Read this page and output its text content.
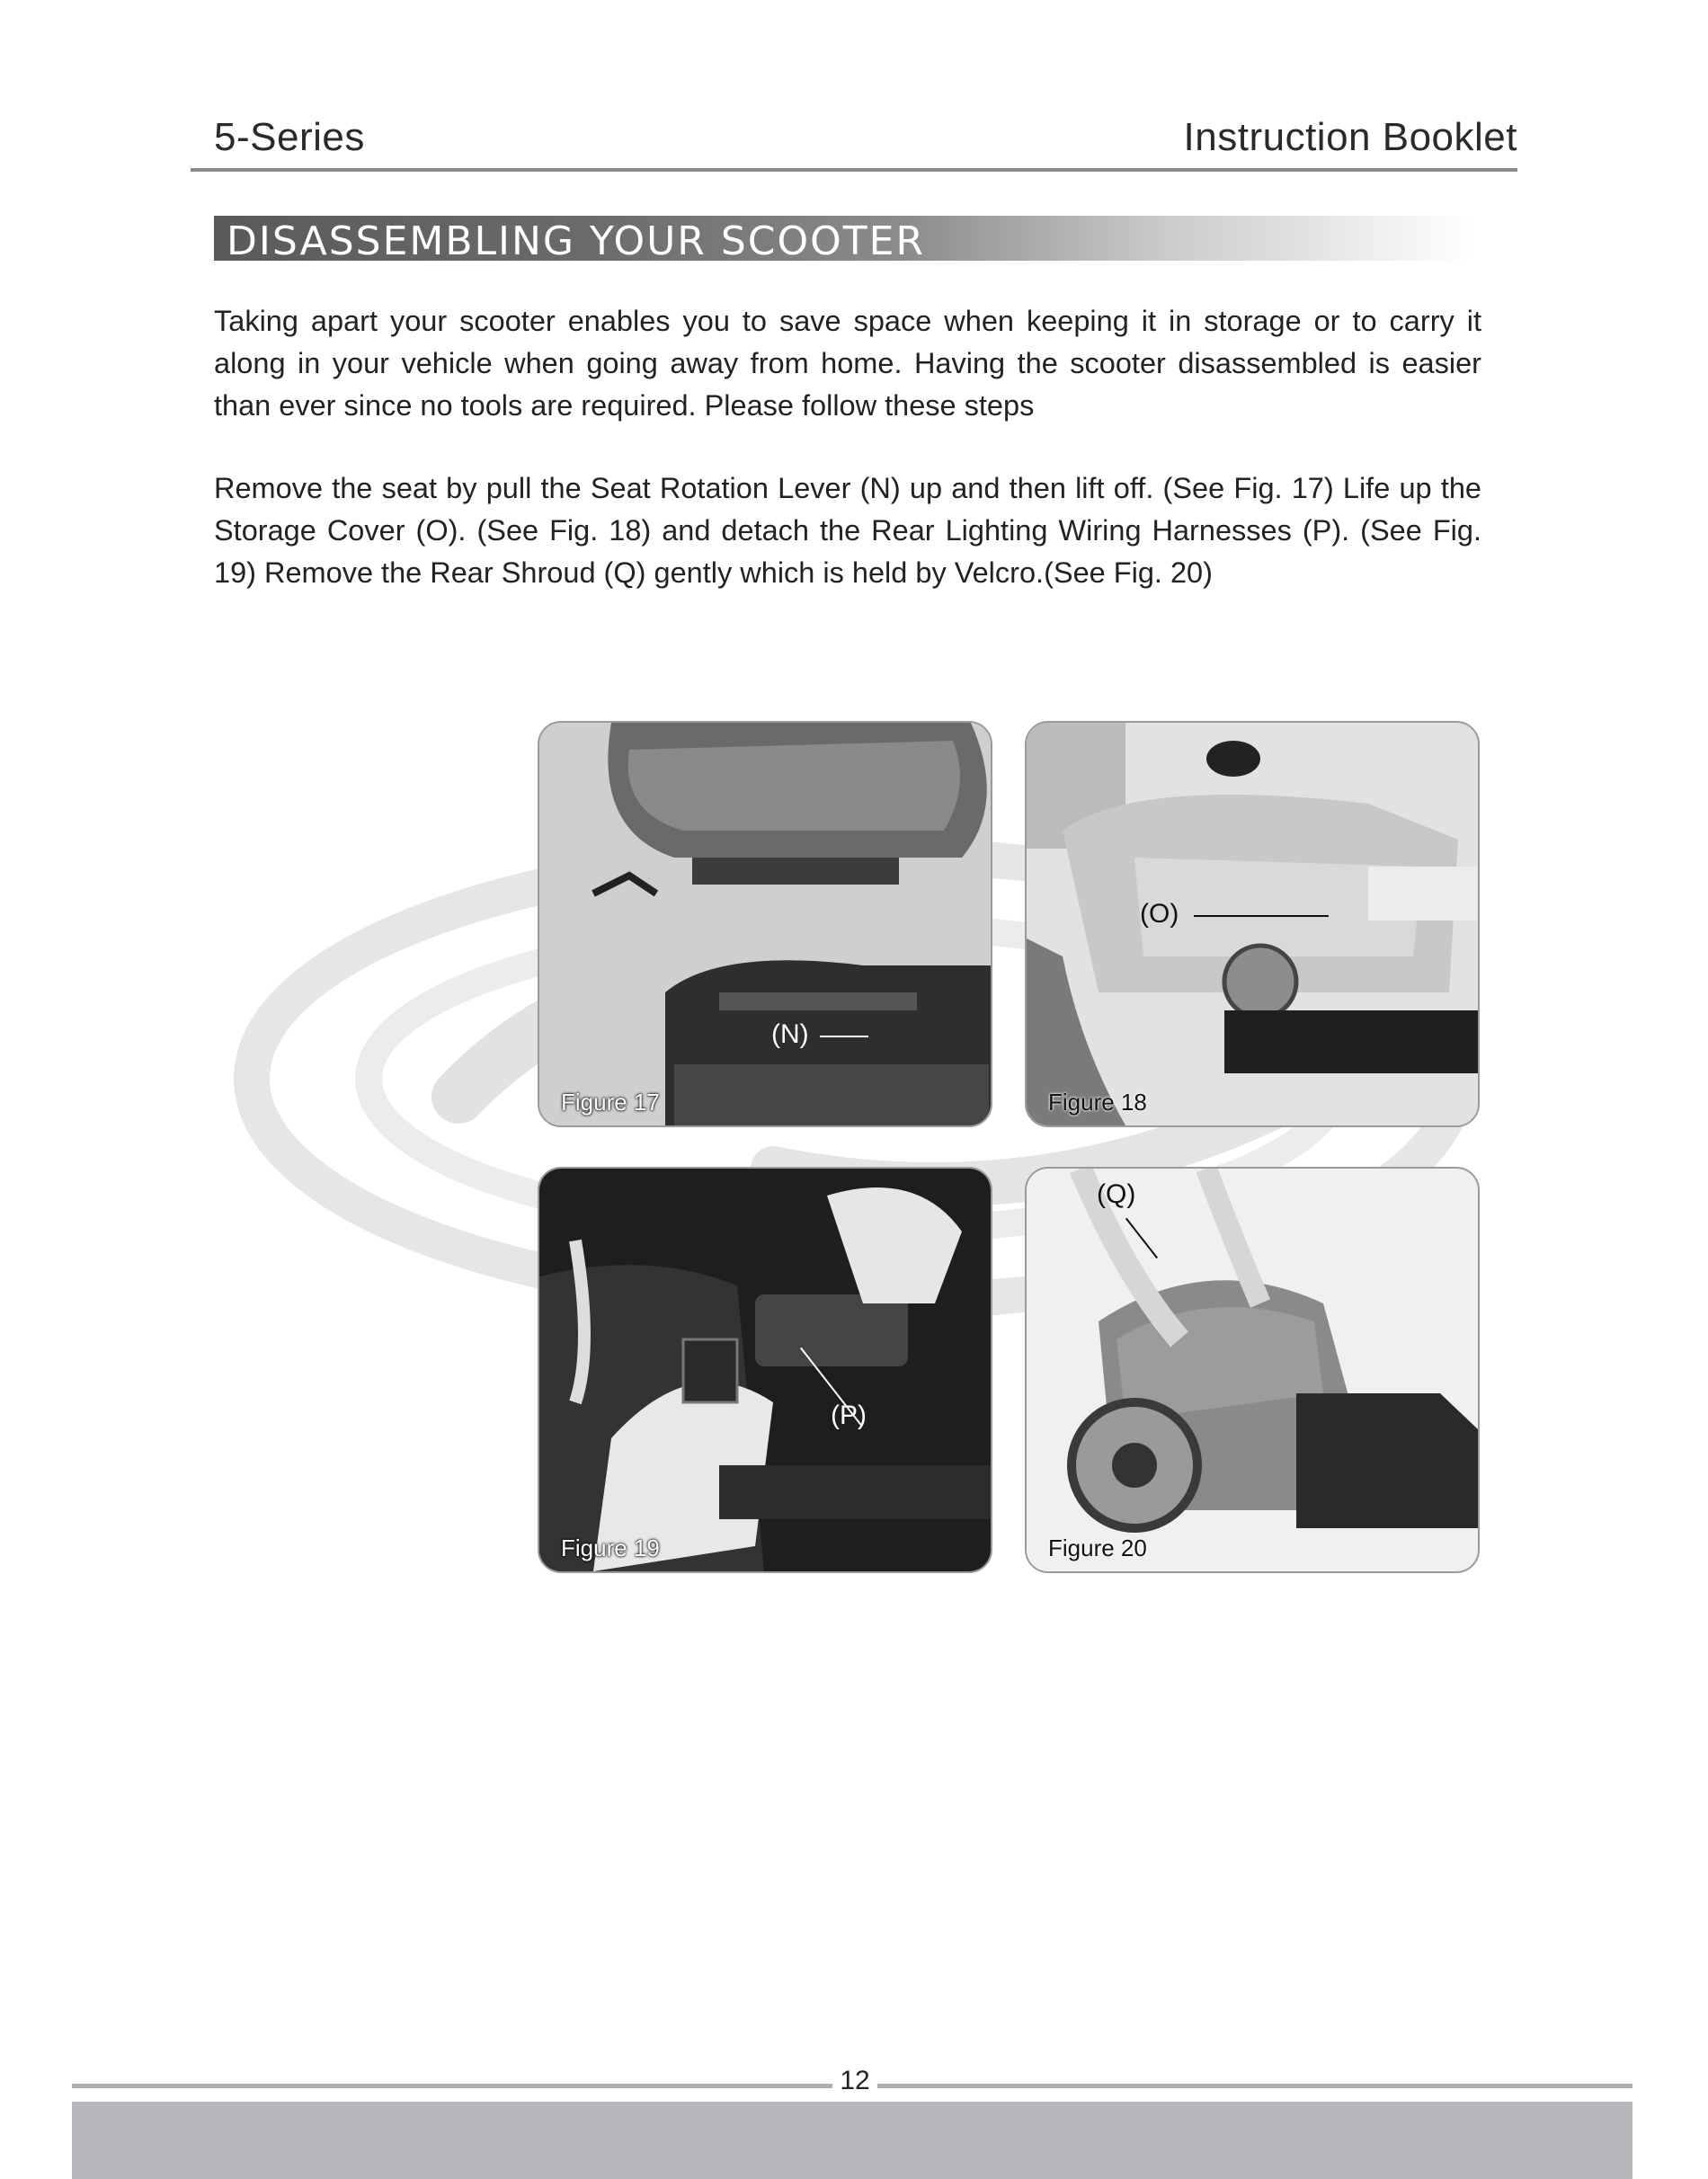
5-Series	Instruction Booklet
DISASSEMBLING YOUR SCOOTER

Taking apart your scooter enables you to save space when keeping it in storage or to carry it along in your vehicle when going away from home. Having the scooter disassembled is easier than ever since no tools are required. Please follow these steps

Remove the seat by pull the Seat Rotation Lever (N) up and then lift off. (See Fig. 17) Life up the Storage Cover (O). (See Fig. 18) and detach the Rear Lighting Wiring Harnesses (P). (See Fig. 19) Remove the Rear Shroud (Q) gently which is held by Velcro.(See Fig. 20)

(N)
Figure 17
(O)
Figure 18
(P)
Figure 19
(Q)
Figure 20
12
